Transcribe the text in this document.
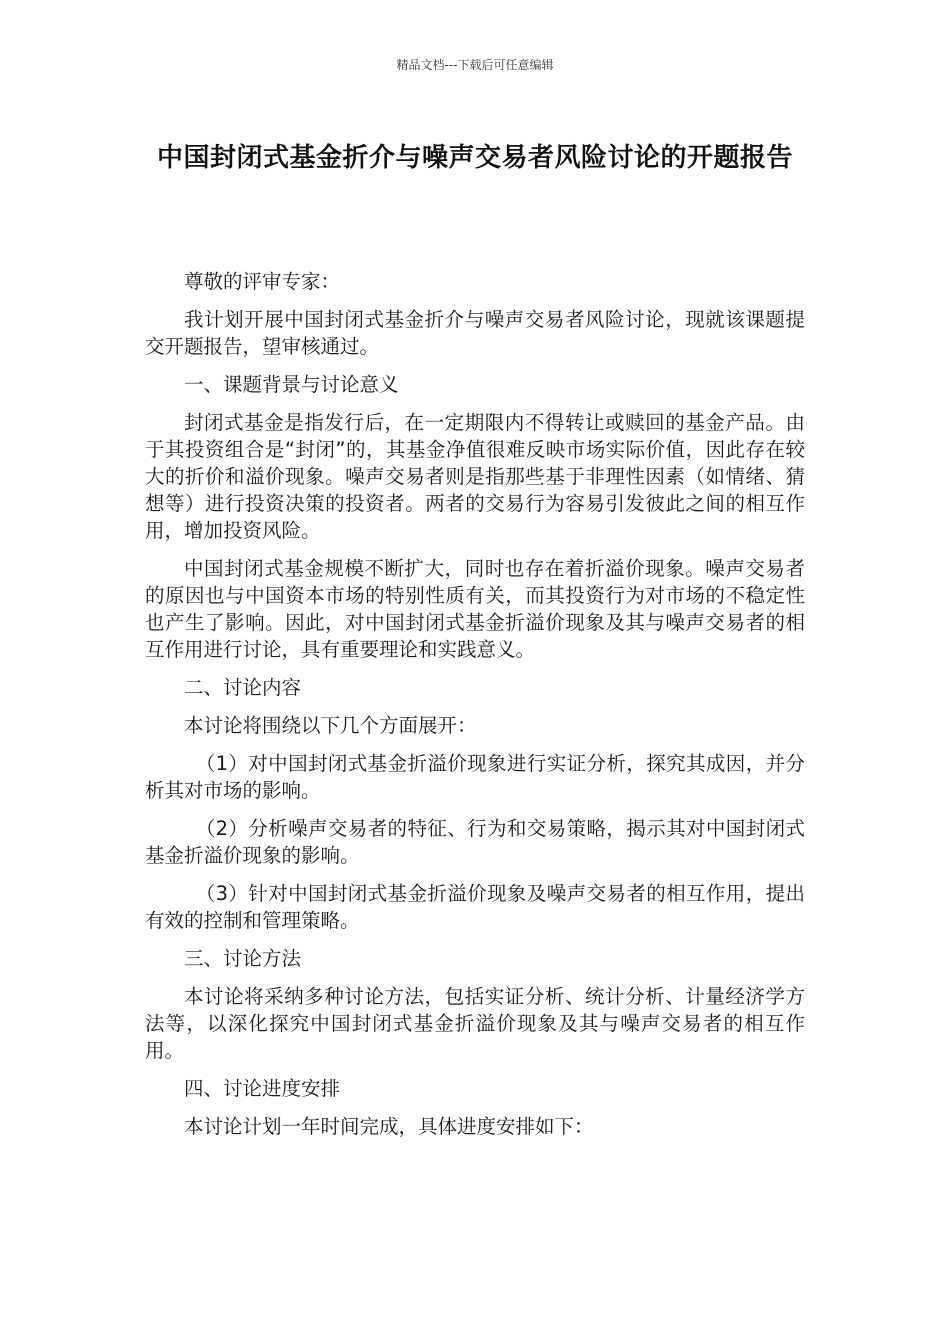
精品文档---下载后可任意编辑
中国封闭式基金折介与噪声交易者风险讨论的开题报告

尊敬的评审专家：

我计划开展中国封闭式基金折介与噪声交易者风险讨论，现就该课题提交开题报告，望审核通过。

一、课题背景与讨论意义

封闭式基金是指发行后，在一定期限内不得转让或赎回的基金产品。由于其投资组合是“封闭”的，其基金净值很难反映市场实际价值，因此存在较大的折价和溢价现象。噪声交易者则是指那些基于非理性因素（如情绪、猜想等）进行投资决策的投资者。两者的交易行为容易引发彼此之间的相互作用，增加投资风险。

中国封闭式基金规模不断扩大，同时也存在着折溢价现象。噪声交易者的原因也与中国资本市场的特别性质有关，而其投资行为对市场的不稳定性也产生了影响。因此，对中国封闭式基金折溢价现象及其与噪声交易者的相互作用进行讨论，具有重要理论和实践意义。

二、讨论内容

本讨论将围绕以下几个方面展开：

（1）对中国封闭式基金折溢价现象进行实证分析，探究其成因，并分析其对市场的影响。

（2）分析噪声交易者的特征、行为和交易策略，揭示其对中国封闭式基金折溢价现象的影响。

（3）针对中国封闭式基金折溢价现象及噪声交易者的相互作用，提出有效的控制和管理策略。

三、讨论方法

本讨论将采纳多种讨论方法，包括实证分析、统计分析、计量经济学方法等，以深化探究中国封闭式基金折溢价现象及其与噪声交易者的相互作用。

四、讨论进度安排

本讨论计划一年时间完成，具体进度安排如下：
